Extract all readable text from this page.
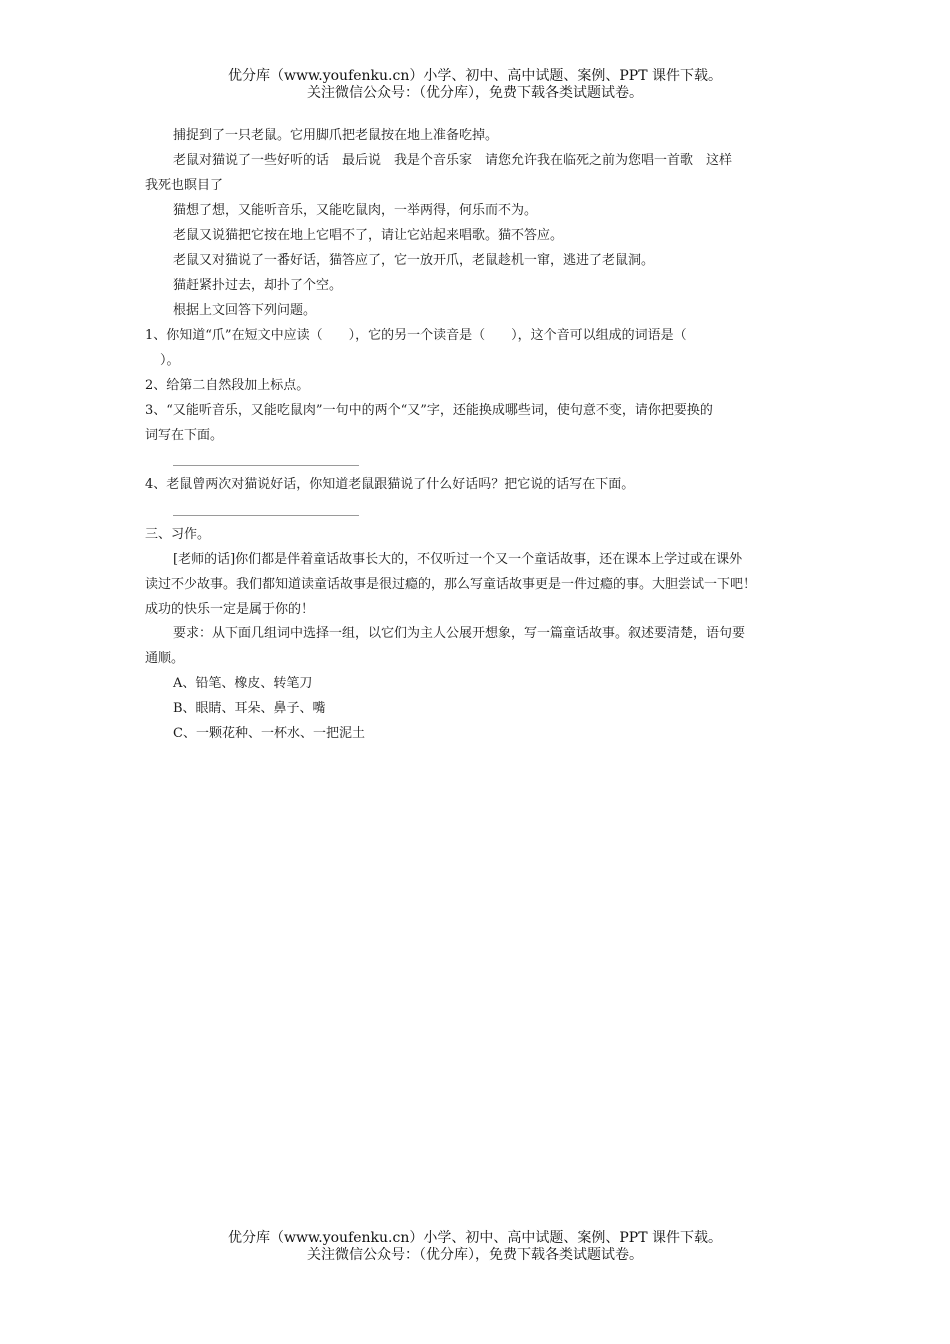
优分库（www.youfenku.cn）小学、初中、高中试题、案例、PPT 课件下载。
关注微信公众号：（优分库），免费下载各类试题试卷。
捕捉到了一只老鼠。它用脚爪把老鼠按在地上准备吃掉。
老鼠对猫说了一些好听的话　最后说　我是个音乐家　请您允许我在临死之前为您唱一首歌　这样
我死也瞑目了
猫想了想，又能听音乐，又能吃鼠肉，一举两得，何乐而不为。
老鼠又说猫把它按在地上它唱不了，请让它站起来唱歌。猫不答应。
老鼠又对猫说了一番好话，猫答应了，它一放开爪，老鼠趁机一窜，逃进了老鼠洞。
猫赶紧扑过去，却扑了个空。
根据上文回答下列问题。
1、你知道“爪”在短文中应读（　　），它的另一个读音是（　　），这个音可以组成的词语是（
）。
2、给第二自然段加上标点。
3、“又能听音乐，又能吃鼠肉”一句中的两个“又”字，还能换成哪些词，使句意不变，请你把要换的
词写在下面。
4、老鼠曾两次对猫说好话，你知道老鼠跟猫说了什么好话吗？把它说的话写在下面。
三、习作。
[老师的话]你们都是伴着童话故事长大的，不仅听过一个又一个童话故事，还在课本上学过或在课外
读过不少故事。我们都知道读童话故事是很过瘾的，那么写童话故事更是一件过瘾的事。大胆尝试一下吧！
成功的快乐一定是属于你的！
要求：从下面几组词中选择一组，以它们为主人公展开想象，写一篇童话故事。叙述要清楚，语句要
通顺。
A、铅笔、橡皮、转笔刀
B、眼睛、耳朵、鼻子、嘴
C、一颗花种、一杯水、一把泥土
优分库（www.youfenku.cn）小学、初中、高中试题、案例、PPT 课件下载。
关注微信公众号：（优分库），免费下载各类试题试卷。
